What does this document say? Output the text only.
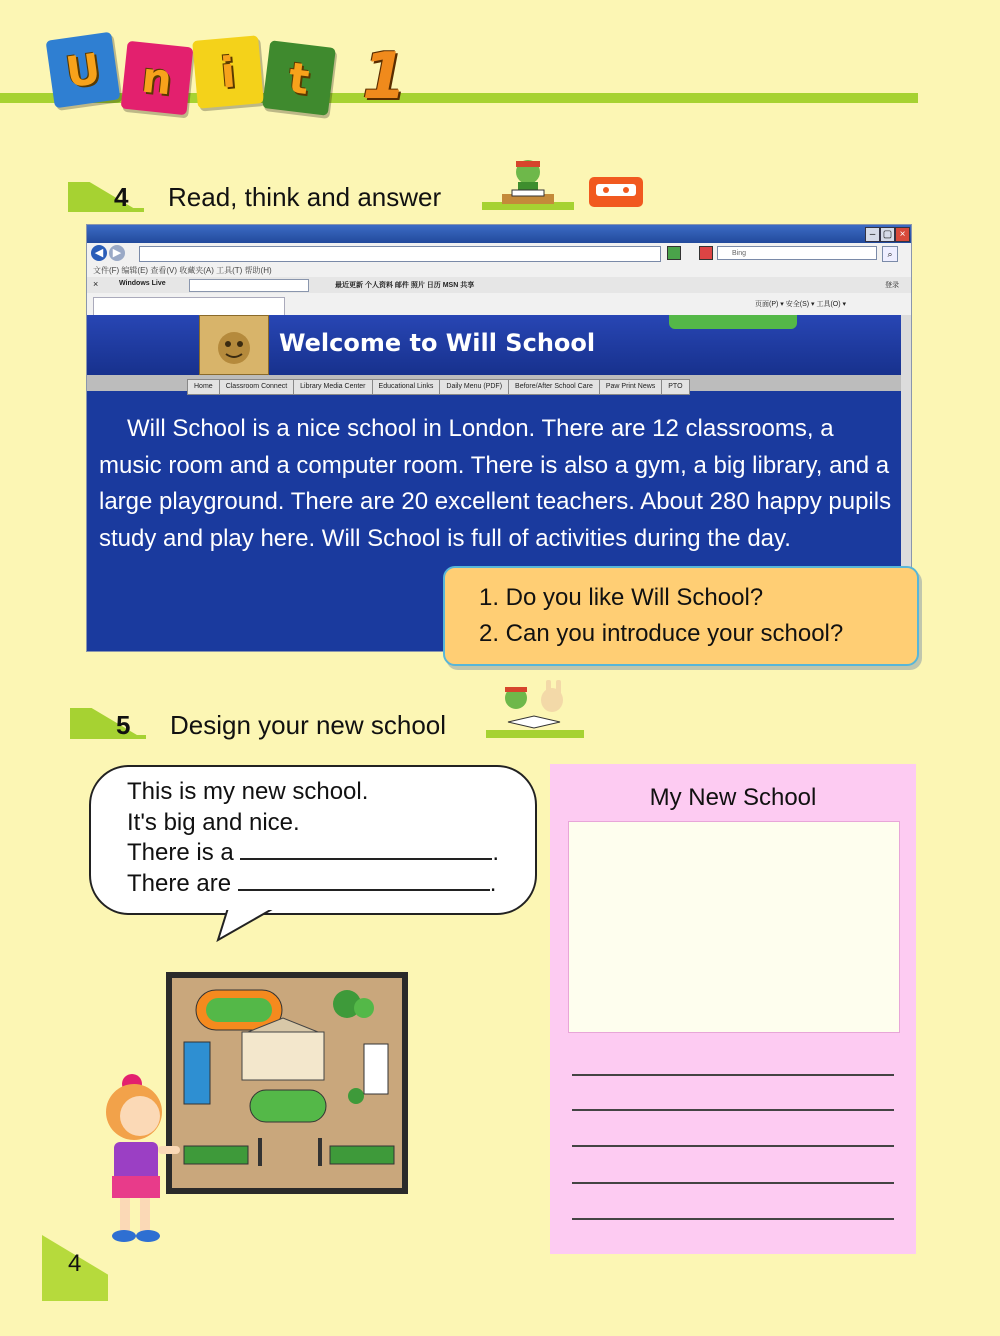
U n i t 1
4 Read, think and answer
– ▢ ×
◀ ▶	Bing	⌕
文件(F) 编辑(E) 查看(V) 收藏夹(A) 工具(T) 帮助(H)
×	Windows Live	最近更新 个人资料 邮件 照片 日历 MSN 共享	登录
页面(P) ▾ 安全(S) ▾ 工具(O) ▾
Welcome to Will School
Home Classroom Connect Library Media Center Educational Links Daily Menu (PDF) Before/After School Care Paw Print News PTO
Will School is a nice school in London. There are 12 classrooms, a music room and a computer room. There is also a gym, a big library, and a large playground. There are 20 excellent teachers. About 280 happy pupils study and play here. Will School is full of activities during the day.
1. Do you like Will School?
2. Can you introduce your school?
5 Design your new school
This is my new school.
It's big and nice.
There is a	.
There are	.
My New School
4
